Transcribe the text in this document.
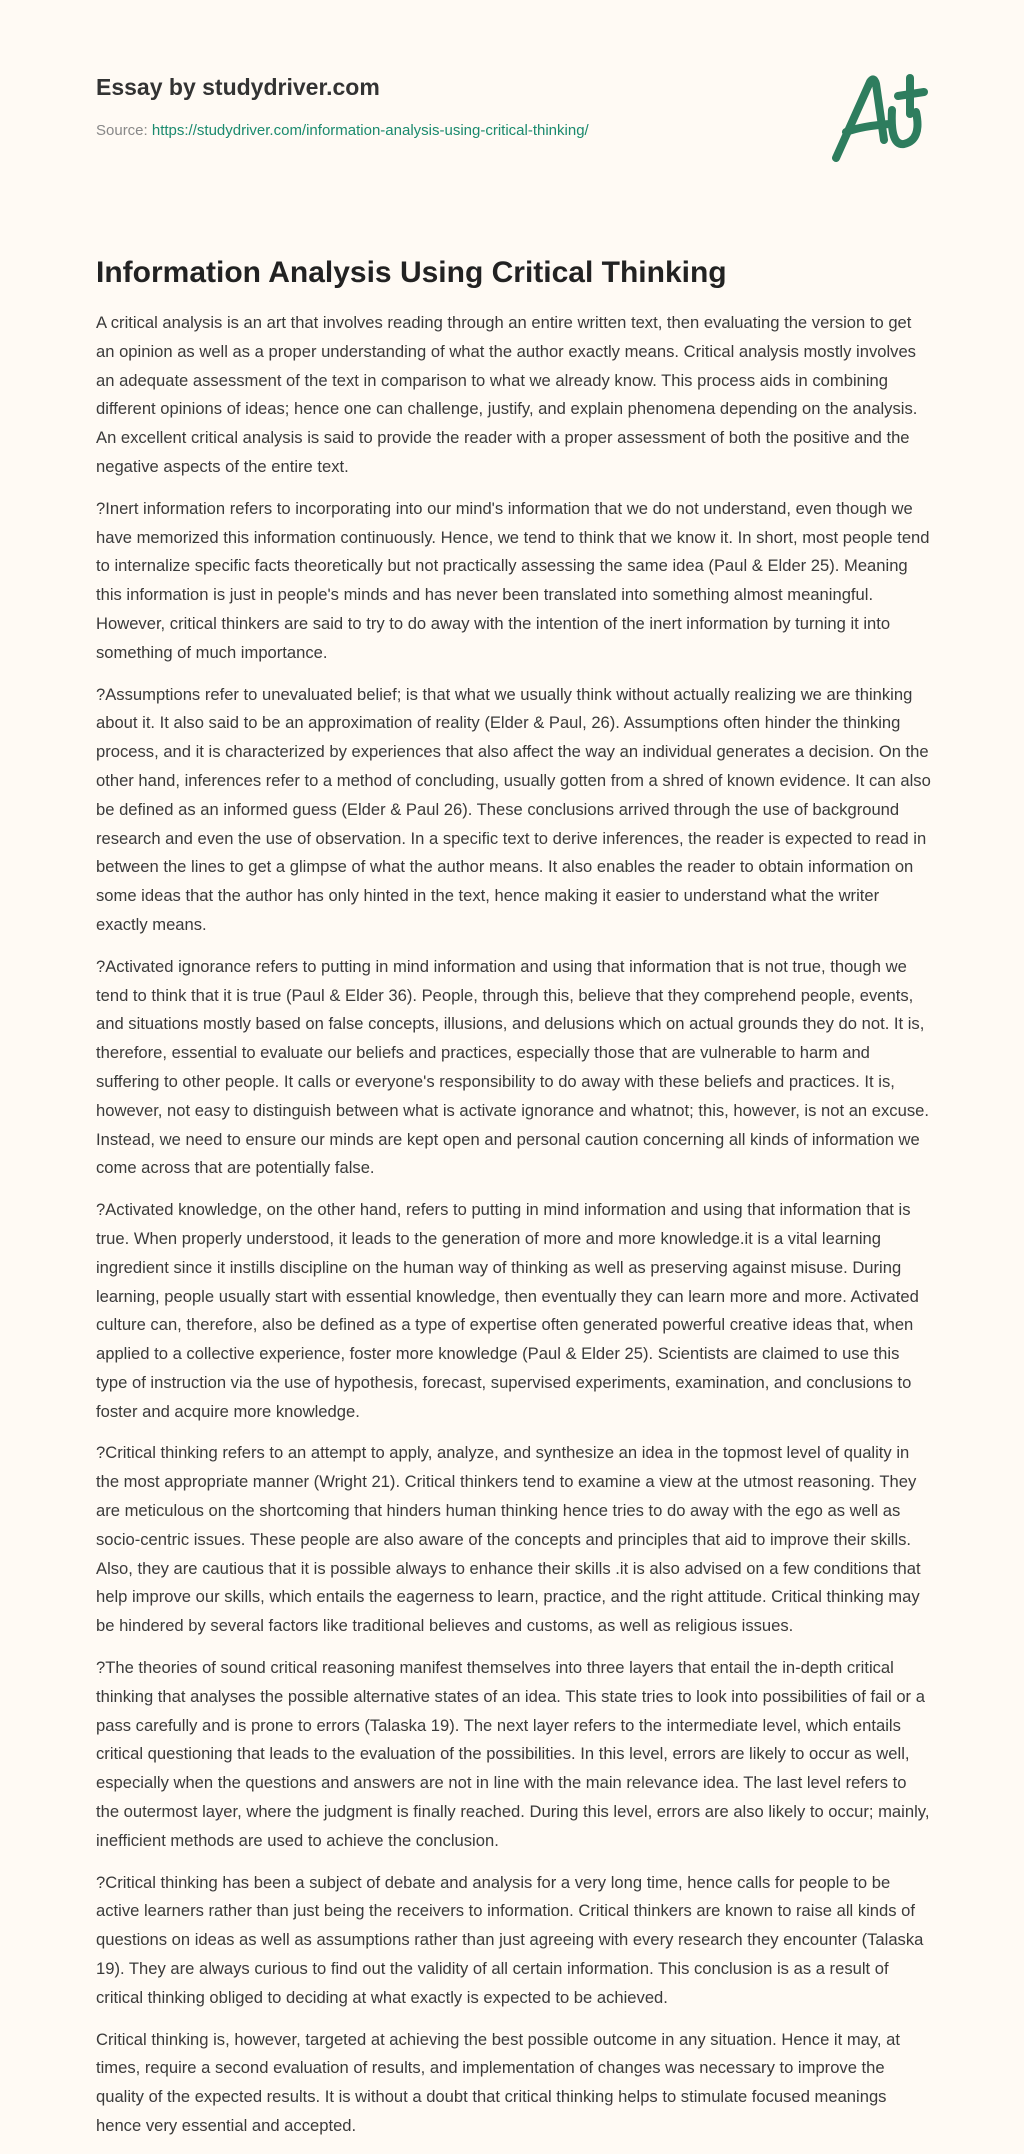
Essay by studydriver.com
Source: https://studydriver.com/information-analysis-using-critical-thinking/
Information Analysis Using Critical Thinking

A critical analysis is an art that involves reading through an entire written text, then evaluating the version to get an opinion as well as a proper understanding of what the author exactly means. Critical analysis mostly involves an adequate assessment of the text in comparison to what we already know. This process aids in combining different opinions of ideas; hence one can challenge, justify, and explain phenomena depending on the analysis. An excellent critical analysis is said to provide the reader with a proper assessment of both the positive and the negative aspects of the entire text.

?Inert information refers to incorporating into our mind's information that we do not understand, even though we have memorized this information continuously. Hence, we tend to think that we know it. In short, most people tend to internalize specific facts theoretically but not practically assessing the same idea (Paul & Elder 25). Meaning this information is just in people's minds and has never been translated into something almost meaningful. However, critical thinkers are said to try to do away with the intention of the inert information by turning it into something of much importance.

?Assumptions refer to unevaluated belief; is that what we usually think without actually realizing we are thinking about it. It also said to be an approximation of reality (Elder & Paul, 26). Assumptions often hinder the thinking process, and it is characterized by experiences that also affect the way an individual generates a decision. On the other hand, inferences refer to a method of concluding, usually gotten from a shred of known evidence. It can also be defined as an informed guess (Elder & Paul 26). These conclusions arrived through the use of background research and even the use of observation. In a specific text to derive inferences, the reader is expected to read in between the lines to get a glimpse of what the author means. It also enables the reader to obtain information on some ideas that the author has only hinted in the text, hence making it easier to understand what the writer exactly means.

?Activated ignorance refers to putting in mind information and using that information that is not true, though we tend to think that it is true (Paul & Elder 36). People, through this, believe that they comprehend people, events, and situations mostly based on false concepts, illusions, and delusions which on actual grounds they do not. It is, therefore, essential to evaluate our beliefs and practices, especially those that are vulnerable to harm and suffering to other people. It calls or everyone's responsibility to do away with these beliefs and practices. It is, however, not easy to distinguish between what is activate ignorance and whatnot; this, however, is not an excuse. Instead, we need to ensure our minds are kept open and personal caution concerning all kinds of information we come across that are potentially false.

?Activated knowledge, on the other hand, refers to putting in mind information and using that information that is true. When properly understood, it leads to the generation of more and more knowledge.it is a vital learning ingredient since it instills discipline on the human way of thinking as well as preserving against misuse. During learning, people usually start with essential knowledge, then eventually they can learn more and more. Activated culture can, therefore, also be defined as a type of expertise often generated powerful creative ideas that, when applied to a collective experience, foster more knowledge (Paul & Elder 25). Scientists are claimed to use this type of instruction via the use of hypothesis, forecast, supervised experiments, examination, and conclusions to foster and acquire more knowledge.

?Critical thinking refers to an attempt to apply, analyze, and synthesize an idea in the topmost level of quality in the most appropriate manner (Wright 21). Critical thinkers tend to examine a view at the utmost reasoning. They are meticulous on the shortcoming that hinders human thinking hence tries to do away with the ego as well as socio-centric issues. These people are also aware of the concepts and principles that aid to improve their skills. Also, they are cautious that it is possible always to enhance their skills .it is also advised on a few conditions that help improve our skills, which entails the eagerness to learn, practice, and the right attitude. Critical thinking may be hindered by several factors like traditional believes and customs, as well as religious issues.

?The theories of sound critical reasoning manifest themselves into three layers that entail the in-depth critical thinking that analyses the possible alternative states of an idea. This state tries to look into possibilities of fail or a pass carefully and is prone to errors (Talaska 19). The next layer refers to the intermediate level, which entails critical questioning that leads to the evaluation of the possibilities. In this level, errors are likely to occur as well, especially when the questions and answers are not in line with the main relevance idea. The last level refers to the outermost layer, where the judgment is finally reached. During this level, errors are also likely to occur; mainly, inefficient methods are used to achieve the conclusion.

?Critical thinking has been a subject of debate and analysis for a very long time, hence calls for people to be active learners rather than just being the receivers to information. Critical thinkers are known to raise all kinds of questions on ideas as well as assumptions rather than just agreeing with every research they encounter (Talaska 19). They are always curious to find out the validity of all certain information. This conclusion is as a result of critical thinking obliged to deciding at what exactly is expected to be achieved.

Critical thinking is, however, targeted at achieving the best possible outcome in any situation. Hence it may, at times, require a second evaluation of results, and implementation of changes was necessary to improve the quality of the expected results. It is without a doubt that critical thinking helps to stimulate focused meanings hence very essential and accepted.
